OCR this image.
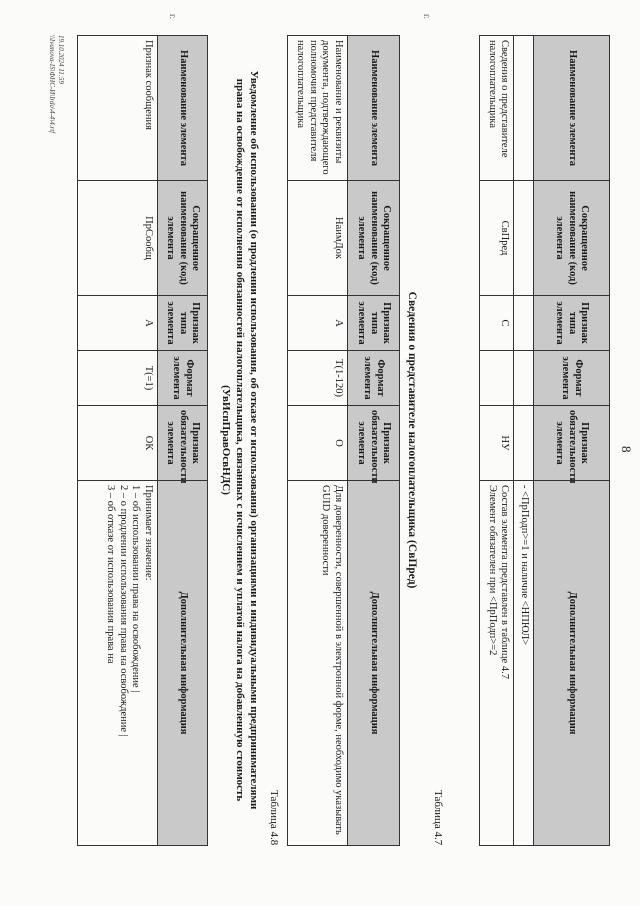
8
Наименование элемента	Сокращенное наименование (код) элемента	Признак типа элемента	Формат элемента	Признак обязательности элемента	Дополнительная информация
					- <ПрПодп>=1 и наличие <НПЮЛ>
Сведения о представителе налогоплательщика	СвПред	С		НУ	Состав элемента представлен в таблице 4.7
Элемент обязателен при <ПрПодп>=2
Таблица 4.7
Сведения о представителе налогоплательщика (СвПред)
Наименование элемента	Сокращенное наименование (код) элемента	Признак типа элемента	Формат элемента	Признак обязательности элемента	Дополнительная информация
Наименование и реквизиты документа, подтверждающего полномочия представителя налогоплательщика	НаимДок	А	T(1-120)	О	Для доверенности, совершенной в электронной форме, необходимо указывать GUID доверенности
Таблица 4.8
Уведомление об использовании (о продлении использования, об отказе от использования) организациями и индивидуальными предпринимателями права на освобождение от исполнения обязанностей налогоплательщика, связанных с исчислением и уплатой налога на добавленную стоимость (УвИспПравОсвНДС)
Наименование элемента	Сокращенное наименование (код) элемента	Признак типа элемента	Формат элемента	Признак обязательности элемента	Дополнительная информация
Признак сообщения	ПрСообщ	А	T(=1)	ОК	Принимает значение:
1 – об использовании права на освобождение |
2 – о продлении использования права на освобождение |
3 – об отказе от использования права на
19.10.2024 11:59
\\Ivanova-IS\ФНС-И\Irdo\4-4\4.rtf
г.
г.
